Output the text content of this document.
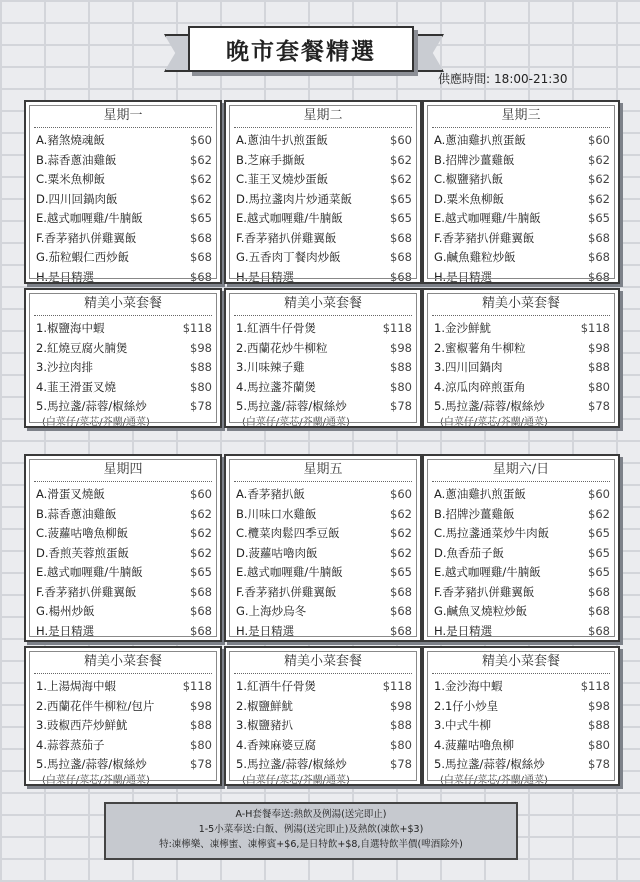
晚市套餐精選
供應時間: 18:00-21:30
星期一
A.豬煞燒魂飯	$60
B.蒜香蔥油雞飯	$62
C.粟米魚柳飯	$62
D.四川回鍋肉飯	$62
E.越式咖喱雞/牛腩飯	$65
F.香茅豬扒併雞翼飯	$68
G.茄粒蝦仁西炒飯	$68
H.是日精選	$68
精美小菜套餐
1.椒鹽海中蝦	$118
2.紅燒豆腐火腩煲	$98
3.沙拉肉排	$88
4.韮王滑蛋叉燒	$80
5.馬拉盞/蒜蓉/椒絲炒	$78
(白菜仔/菜芯/芥蘭/通菜)
星期二
A.蔥油牛扒煎蛋飯	$60
B.芝麻手撕飯	$62
C.韮王叉燒炒蛋飯	$62
D.馬拉盞肉片炒通菜飯	$65
E.越式咖喱雞/牛腩飯	$65
F.香茅豬扒併雞翼飯	$68
G.五香肉丁餐肉炒飯	$68
H.是日精選	$68
精美小菜套餐
1.紅酒牛仔骨煲	$118
2.西蘭花炒牛柳粒	$98
3.川味辣子雞	$88
4.馬拉盞芥蘭煲	$80
5.馬拉盞/蒜蓉/椒絲炒	$78
(白菜仔/菜芯/芥蘭/通菜)
星期三
A.蔥油雞扒煎蛋飯	$60
B.招牌沙薑雞飯	$62
C.椒鹽豬扒飯	$62
D.粟米魚柳飯	$62
E.越式咖喱雞/牛腩飯	$65
F.香茅豬扒併雞翼飯	$68
G.鹹魚雞粒炒飯	$68
H.是日精選	$68
精美小菜套餐
1.金沙鮮魷	$118
2.蜜椒薯角牛柳粒	$98
3.四川回鍋肉	$88
4.涼瓜肉碎煎蛋角	$80
5.馬拉盞/蒜蓉/椒絲炒	$78
(白菜仔/菜芯/芥蘭/通菜)
星期四
A.滑蛋叉燒飯	$60
B.蒜香蔥油雞飯	$62
C.菠蘿咕嚕魚柳飯	$62
D.香煎芙蓉煎蛋飯	$62
E.越式咖喱雞/牛腩飯	$65
F.香茅豬扒併雞翼飯	$68
G.楊州炒飯	$68
H.是日精選	$68
精美小菜套餐
1.上湯焗海中蝦	$118
2.西蘭花伴牛柳粒/包片	$98
3.豉椒西芹炒鮮魷	$88
4.蒜蓉蒸茄子	$80
5.馬拉盞/蒜蓉/椒絲炒	$78
(白菜仔/菜芯/芥蘭/通菜)
星期五
A.香茅豬扒飯	$60
B.川味口水雞飯	$62
C.欖菜肉鬆四季豆飯	$62
D.菠蘿咕嚕肉飯	$62
E.越式咖喱雞/牛腩飯	$65
F.香茅豬扒併雞翼飯	$68
G.上海炒烏冬	$68
H.是日精選	$68
精美小菜套餐
1.紅酒牛仔骨煲	$118
2.椒鹽鮮魷	$98
3.椒鹽豬扒	$88
4.香辣麻婆豆腐	$80
5.馬拉盞/蒜蓉/椒絲炒	$78
(白菜仔/菜芯/芥蘭/通菜)
星期六/日
A.蔥油雞扒煎蛋飯	$60
B.招牌沙薑雞飯	$62
C.馬拉盞通菜炒牛肉飯	$65
D.魚香茄子飯	$65
E.越式咖喱雞/牛腩飯	$65
F.香茅豬扒併雞翼飯	$68
G.鹹魚叉燒粒炒飯	$68
H.是日精選	$68
精美小菜套餐
1.金沙海中蝦	$118
2.1仔小炒皇	$98
3.中式牛柳	$88
4.菠蘿咕嚕魚柳	$80
5.馬拉盞/蒜蓉/椒絲炒	$78
(白菜仔/菜芯/芥蘭/通菜)
A-H套餐奉送:熱飲及例湯(送完即止)
1-5小菜奉送:白飯、例湯(送完即止)及熱飲(凍飲+$3)
特:凍檸樂、凍檸蜜、凍檸賓+$6,是日特飲+$8,自選特飲半價(啤酒除外)
